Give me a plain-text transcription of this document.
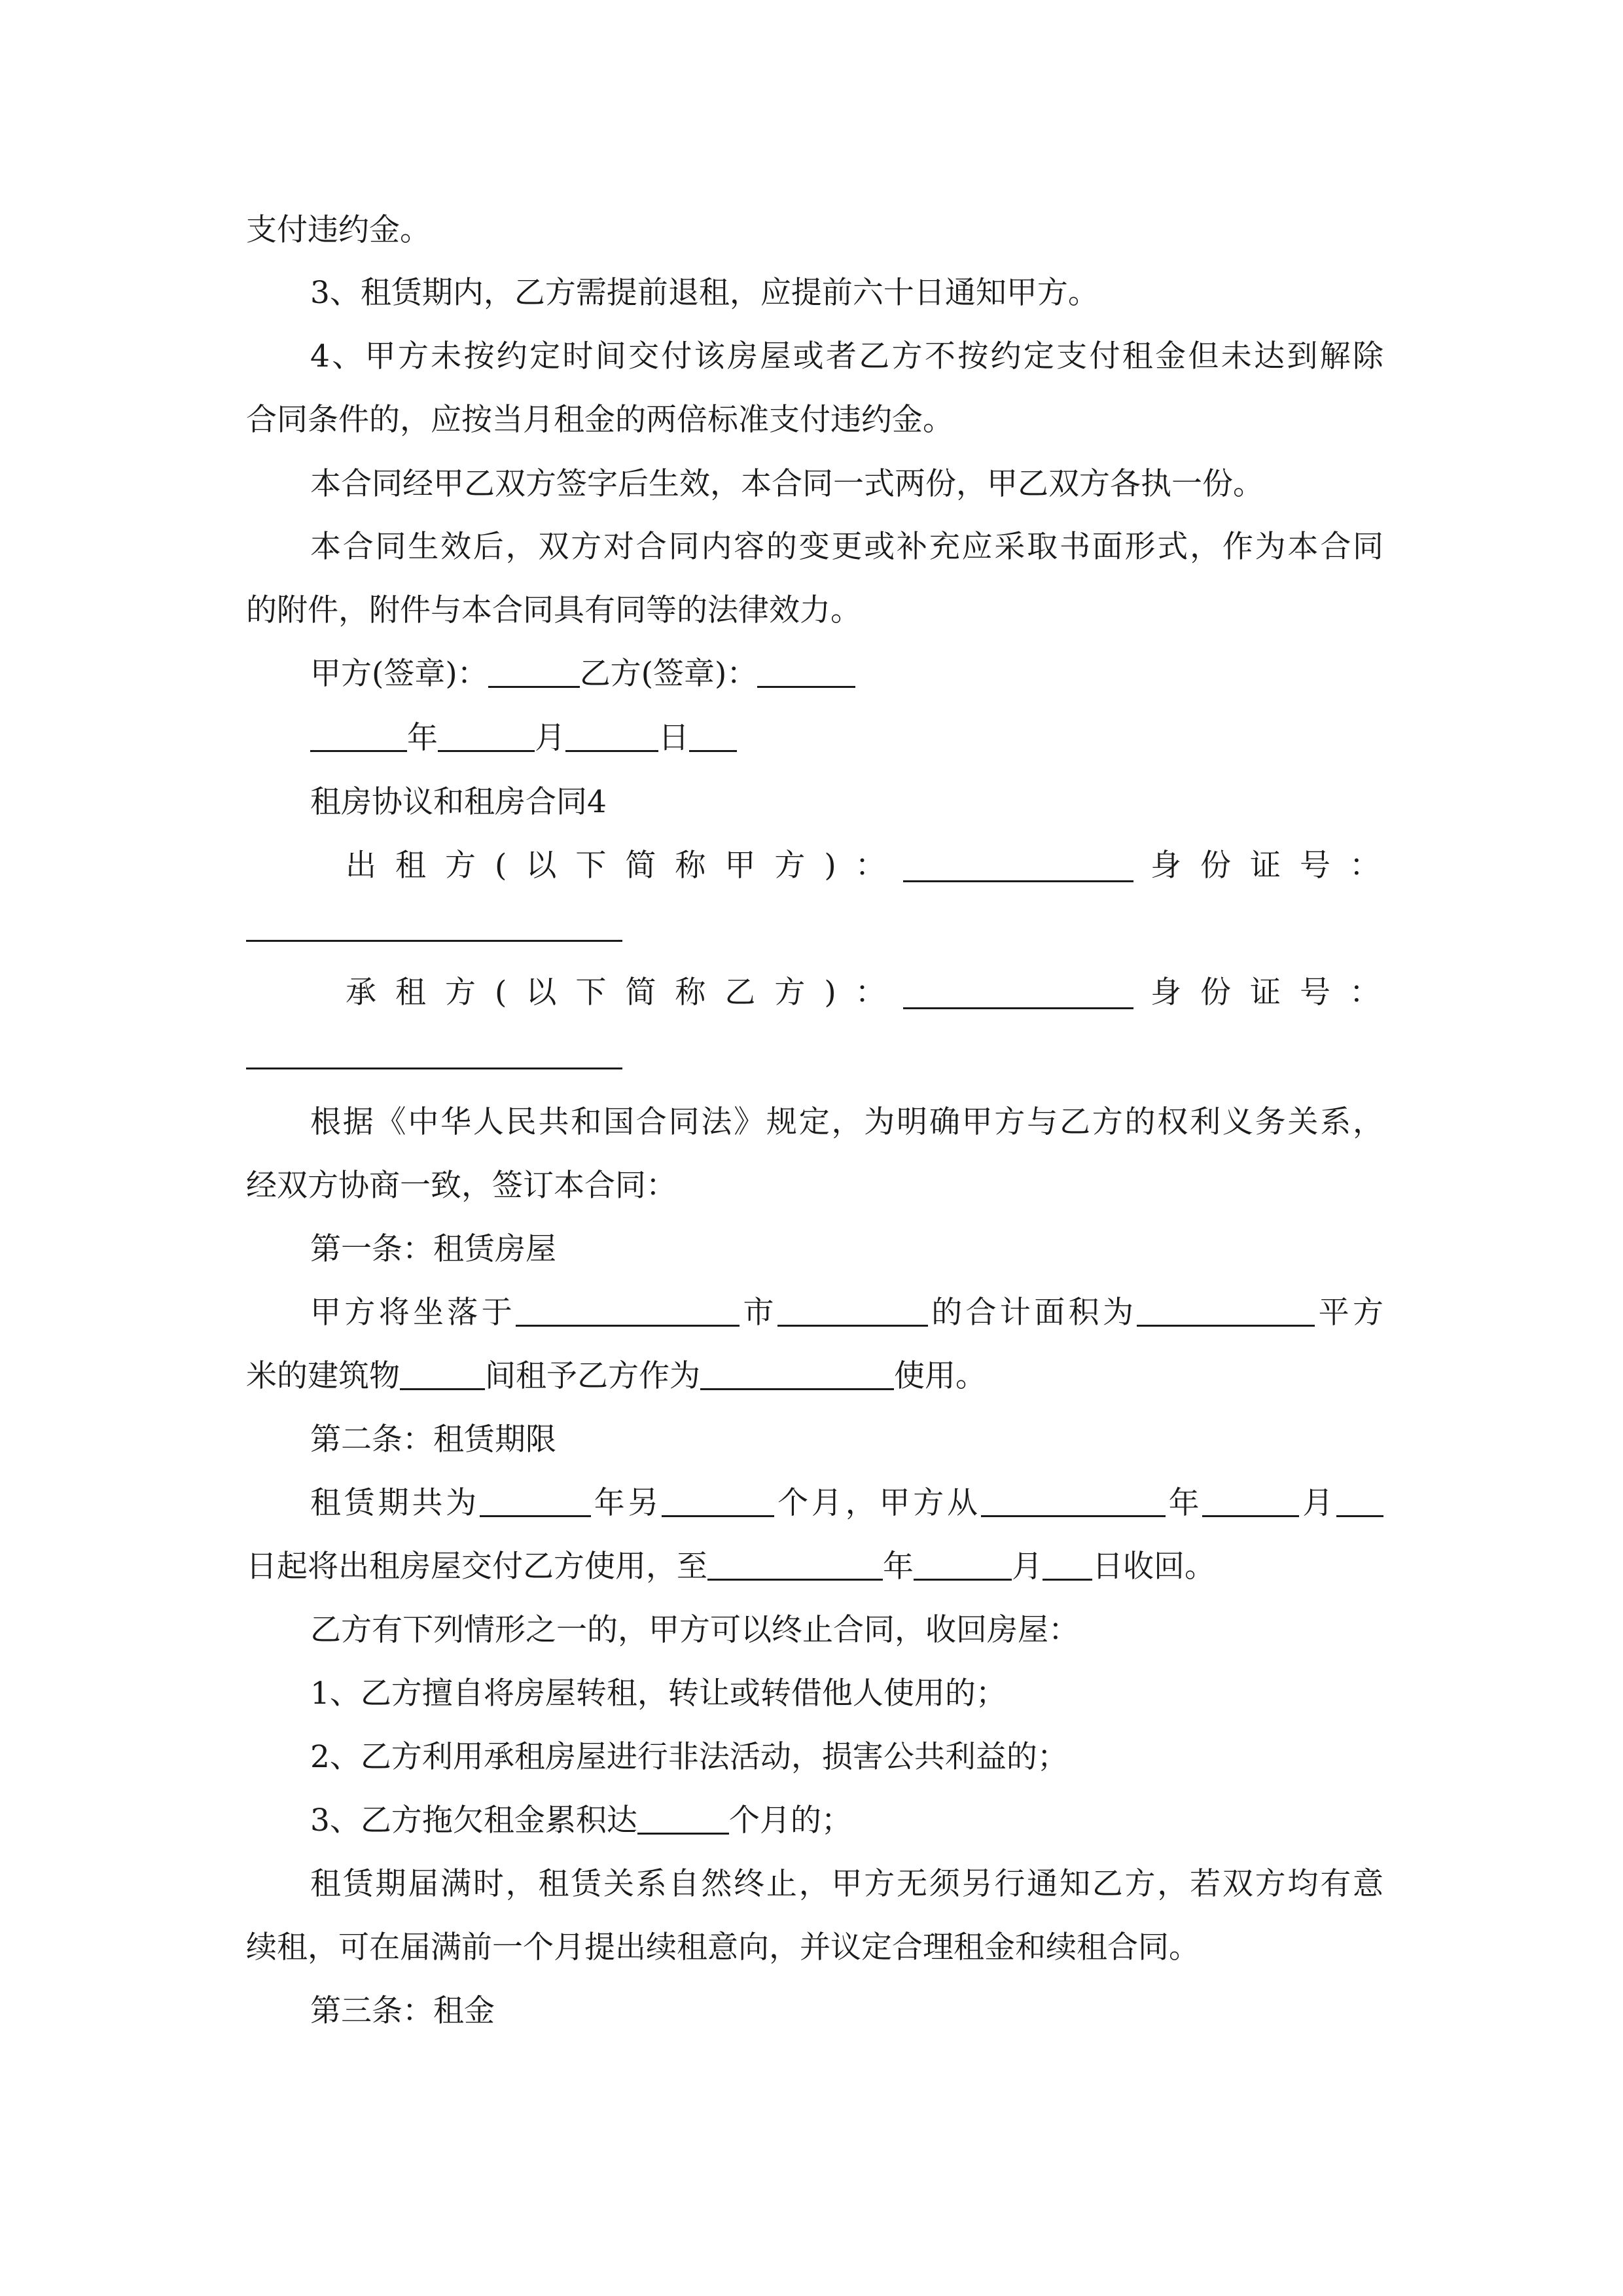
支付违约金。
3、租赁期内，乙方需提前退租，应提前六十日通知甲方。
4、甲方未按约定时间交付该房屋或者乙方不按约定支付租金但未达到解除
合同条件的，应按当月租金的两倍标准支付违约金。
本合同经甲乙双方签字后生效，本合同一式两份，甲乙双方各执一份。
本合同生效后，双方对合同内容的变更或补充应采取书面形式，作为本合同
的附件，附件与本合同具有同等的法律效力。
甲方(签章)：	乙方(签章)：
年	月	日
租房协议和租房合同4
出租方(以下简称甲方)：	身份证号：
承租方(以下简称乙方)：	身份证号：
根据《中华人民共和国合同法》规定，为明确甲方与乙方的权利义务关系，
经双方协商一致，签订本合同：
第一条：租赁房屋
甲方将坐落于	市	的合计面积为	平方
米的建筑物	间租予乙方作为	使用。
第二条：租赁期限
租赁期共为	年另	个月，甲方从	年	月
日起将出租房屋交付乙方使用，至	年	月 日收回。
乙方有下列情形之一的，甲方可以终止合同，收回房屋：
1、乙方擅自将房屋转租，转让或转借他人使用的；
2、乙方利用承租房屋进行非法活动，损害公共利益的；
3、乙方拖欠租金累积达	个月的；
租赁期届满时，租赁关系自然终止，甲方无须另行通知乙方，若双方均有意
续租，可在届满前一个月提出续租意向，并议定合理租金和续租合同。
第三条：租金
